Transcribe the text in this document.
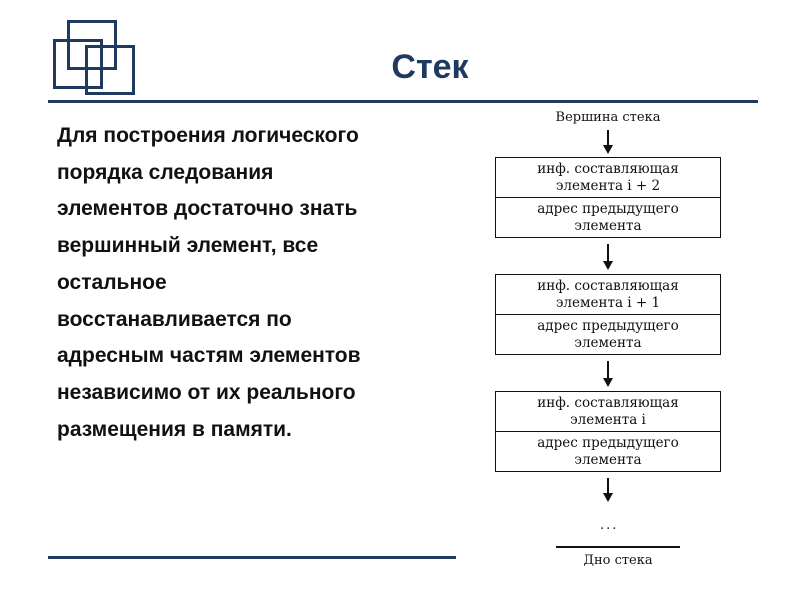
Стек
Для построения логического
порядка следования
элементов достаточно знать
вершинный элемент, все
остальное
восстанавливается по
адресным частям элементов
независимо от их реального
размещения в памяти.
Вершина стека
инф. составляющая
элемента i + 2
адрес предыдущего
элемента
инф. составляющая
элемента i + 1
адрес предыдущего
элемента
инф. составляющая
элемента i
адрес предыдущего
элемента
...
Дно стека
